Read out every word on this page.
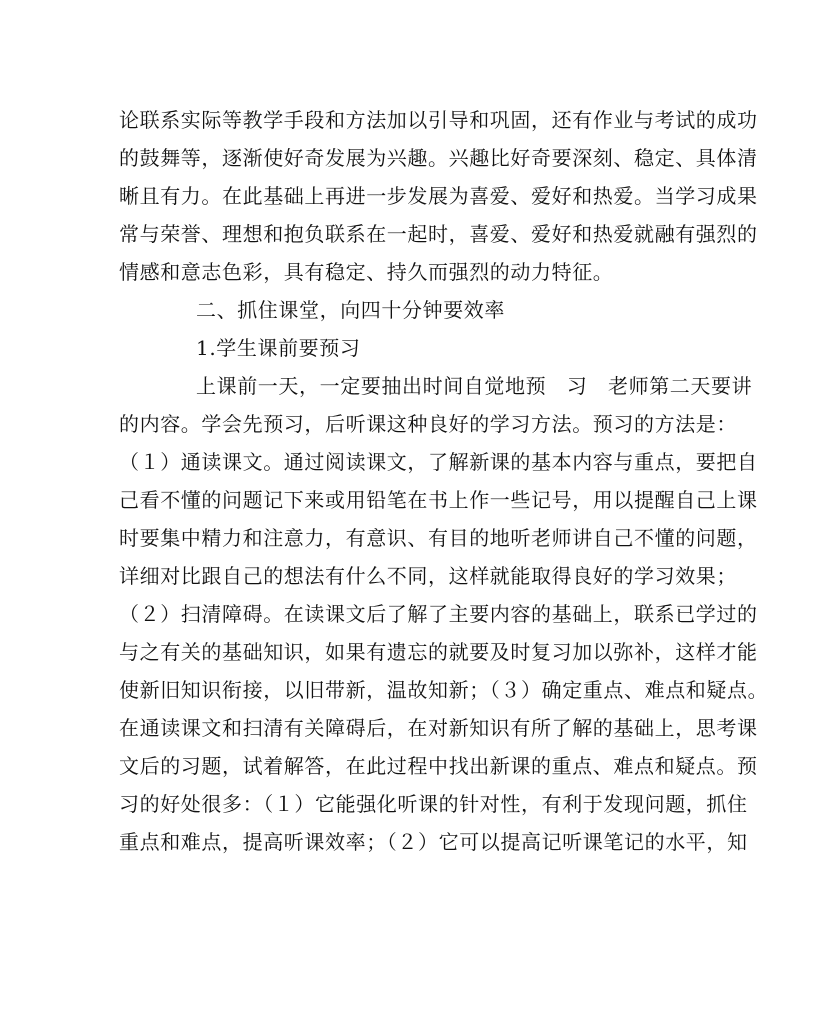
论联系实际等教学手段和方法加以引导和巩固，还有作业与考试的成功
的鼓舞等，逐渐使好奇发展为兴趣。兴趣比好奇要深刻、稳定、具体清
晰且有力。在此基础上再进一步发展为喜爱、爱好和热爱。当学习成果
常与荣誉、理想和抱负联系在一起时，喜爱、爱好和热爱就融有强烈的
情感和意志色彩，具有稳定、持久而强烈的动力特征。
二、抓住课堂，向四十分钟要效率
1.学生课前要预习
上课前一天，一定要抽出时间自觉地预　习　老师第二天要讲
的内容。学会先预习，后听课这种良好的学习方法。预习的方法是：
（１）通读课文。通过阅读课文，了解新课的基本内容与重点，要把自
己看不懂的问题记下来或用铅笔在书上作一些记号，用以提醒自己上课
时要集中精力和注意力，有意识、有目的地听老师讲自己不懂的问题，
详细对比跟自己的想法有什么不同，这样就能取得良好的学习效果；
（２）扫清障碍。在读课文后了解了主要内容的基础上，联系已学过的
与之有关的基础知识，如果有遗忘的就要及时复习加以弥补，这样才能
使新旧知识衔接，以旧带新，温故知新；（３）确定重点、难点和疑点。
在通读课文和扫清有关障碍后，在对新知识有所了解的基础上，思考课
文后的习题，试着解答，在此过程中找出新课的重点、难点和疑点。预
习的好处很多：（１）它能强化听课的针对性，有利于发现问题，抓住
重点和难点，提高听课效率；（２）它可以提高记听课笔记的水平，知
